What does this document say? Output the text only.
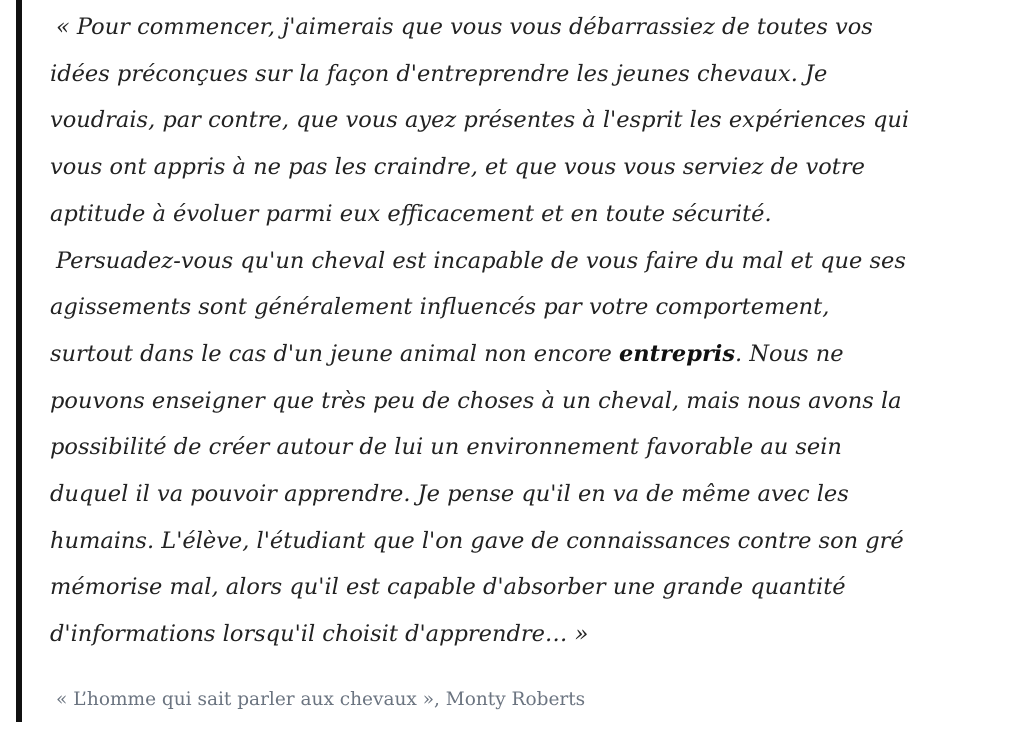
« Pour commencer, j'aimerais que vous vous débarrassiez de toutes vos
idées préconçues sur la façon d'entreprendre les jeunes chevaux. Je
voudrais, par contre, que vous ayez présentes à l'esprit les expériences qui
vous ont appris à ne pas les craindre, et que vous vous serviez de votre
aptitude à évoluer parmi eux efficacement et en toute sécurité.
Persuadez-vous qu'un cheval est incapable de vous faire du mal et que ses
agissements sont généralement influencés par votre comportement,
surtout dans le cas d'un jeune animal non encore entrepris. Nous ne
pouvons enseigner que très peu de choses à un cheval, mais nous avons la
possibilité de créer autour de lui un environnement favorable au sein
duquel il va pouvoir apprendre. Je pense qu'il en va de même avec les
humains. L'élève, l'étudiant que l'on gave de connaissances contre son gré
mémorise mal, alors qu'il est capable d'absorber une grande quantité
d'informations lorsqu'il choisit d'apprendre… »

« L’homme qui sait parler aux chevaux », Monty Roberts
